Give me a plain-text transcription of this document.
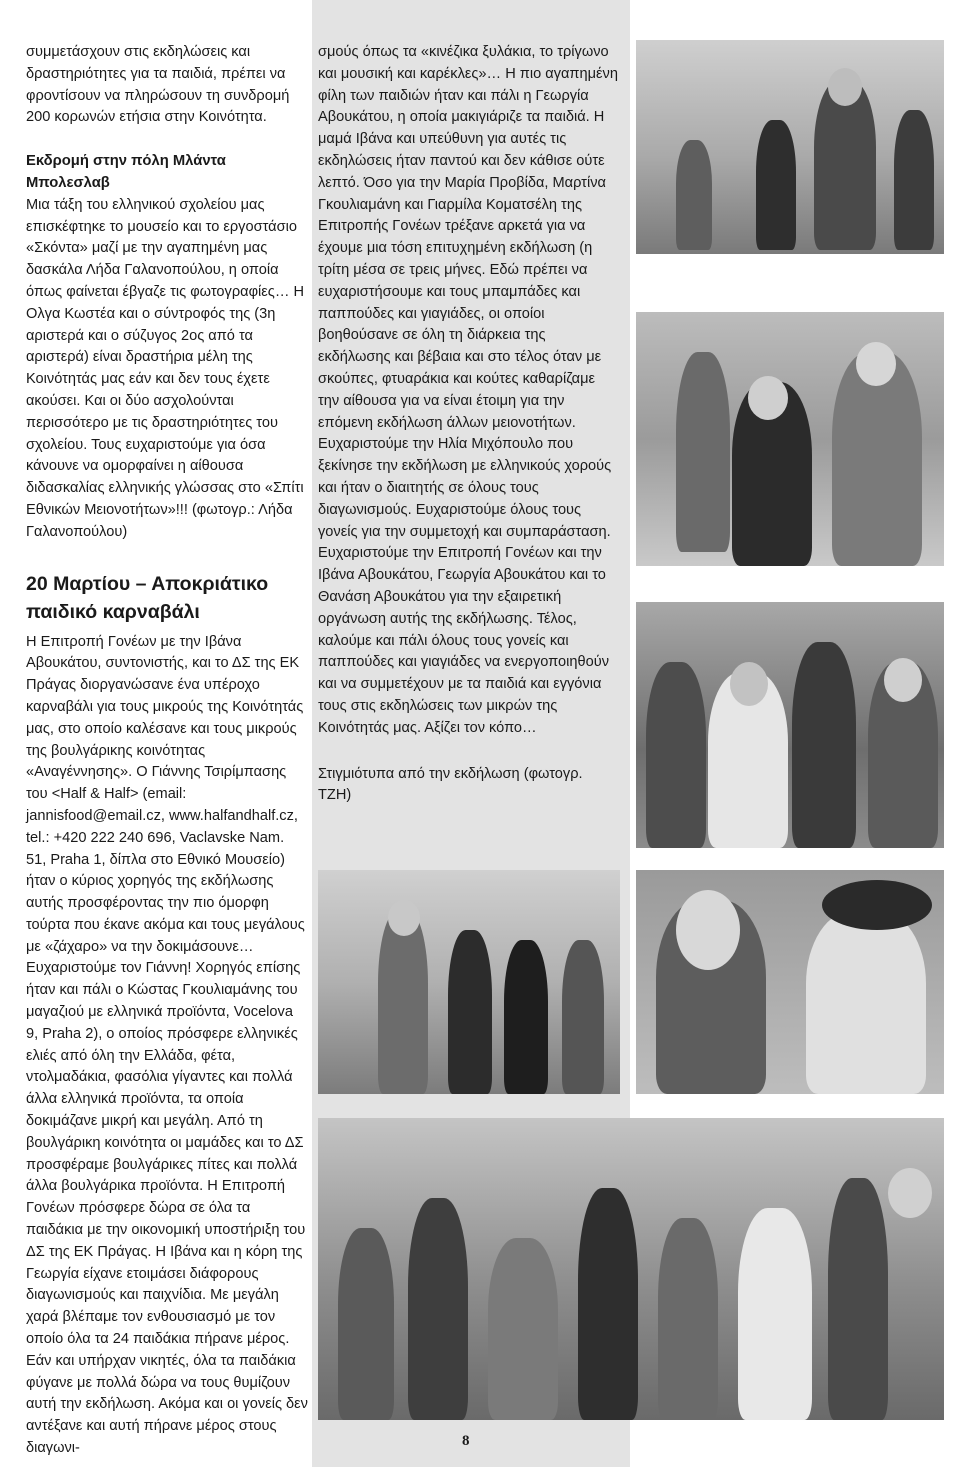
συμμετάσχουν στις εκδηλώσεις και δραστηριότητες για τα παιδιά, πρέπει να φροντίσουν να πληρώσουν τη συνδρομή 200 κορωνών ετήσια στην Κοινότητα.

Εκδρομή στην πόλη Μλάντα Μπολεσλαβ

Μια τάξη του ελληνικού σχολείου μας επισκέφτηκε το μουσείο και το εργοστάσιο «Σκόντα» μαζί με την αγαπημένη μας δασκάλα Λήδα Γαλανοπούλου, η οποία όπως φαίνεται έβγαζε τις φωτογραφίες… Η Ολγα Κωστέα και ο σύντροφός της (3η αριστερά και ο σύζυγος 2ος από τα αριστερά) είναι δραστήρια μέλη της Κοινότητάς μας εάν και δεν τους έχετε ακούσει. Και οι δύο ασχολούνται περισσότερο με τις δραστηριότητες του σχολείου. Τους ευχαριστούμε για όσα κάνουνε να ομορφαίνει η αίθουσα διδασκαλίας ελληνικής γλώσσας στο «Σπίτι Εθνικών Μειονοτήτων»!!! (φωτογρ.: Λήδα Γαλανοπούλου)

20 Μαρτίου – Αποκριάτικο παιδικό καρναβάλι

Η Επιτροπή Γονέων με την Ιβάνα Αβουκάτου, συντονιστής, και το ΔΣ της ΕΚ Πράγας διοργανώσανε ένα υπέροχο καρναβάλι για τους μικρούς της Κοινότητάς μας, στο οποίο καλέσανε και τους μικρούς της βουλγάρικης κοινότητας «Αναγέννησης». Ο Γιάννης Τσιρίμπασης του <Half & Half> (email: jannisfood@email.cz, www.halfandhalf.cz, tel.: +420 222 240 696, Vaclavske Nam. 51, Praha 1, δίπλα στο Εθνικό Μουσείο) ήταν ο κύριος χορηγός της εκδήλωσης αυτής προσφέροντας την πιο όμορφη τούρτα που έκανε ακόμα και τους μεγάλους με «ζάχαρο» να την δοκιμάσουνε… Ευχαριστούμε τον Γιάννη! Χορηγός επίσης ήταν και πάλι ο Κώστας Γκουλιαμάνης του μαγαζιού με ελληνικά προϊόντα, Vocelova 9, Praha 2), ο οποίος πρόσφερε ελληνικές ελιές από όλη την Ελλάδα, φέτα, ντολμαδάκια, φασόλια γίγαντες και πολλά άλλα ελληνικά προϊόντα, τα οποία δοκιμάζανε μικρή και μεγάλη. Από τη βουλγάρικη κοινότητα οι μαμάδες και το ΔΣ προσφέραμε βουλγάρικες πίτες και πολλά άλλα βουλγάρικα προϊόντα. Η Επιτροπή Γονέων πρόσφερε δώρα σε όλα τα παιδάκια με την οικονομική υποστήριξη του ΔΣ της ΕΚ Πράγας. Η Ιβάνα και η κόρη της Γεωργία είχανε ετοιμάσει διάφορους διαγωνισμούς και παιχνίδια. Με μεγάλη χαρά βλέπαμε τον ενθουσιασμό με τον οποίο όλα τα 24 παιδάκια πήρανε μέρος. Εάν και υπήρχαν νικητές, όλα τα παιδάκια φύγανε με πολλά δώρα να τους θυμίζουν αυτή την εκδήλωση. Ακόμα και οι γονείς δεν αντέξανε και αυτή πήρανε μέρος στους διαγωνι-

σμούς όπως τα «κινέζικα ξυλάκια, το τρίγωνο και μουσική και καρέκλες»… Η πιο αγαπημένη φίλη των παιδιών ήταν και πάλι η Γεωργία Αβουκάτου, η οποία μακιγιάριζε τα παιδιά. Η μαμά Ιβάνα και υπεύθυνη για αυτές τις εκδηλώσεις ήταν παντού και δεν κάθισε ούτε λεπτό. Όσο για την Μαρία Προβίδα, Μαρτίνα Γκουλιαμάνη και Γιαρμίλα Κοματσέλη της Επιτροπής Γονέων τρέξανε αρκετά για να έχουμε μια τόση επιτυχημένη εκδήλωση (η τρίτη μέσα σε τρεις μήνες. Εδώ πρέπει να ευχαριστήσουμε και τους μπαμπάδες και παππούδες και γιαγιάδες, οι οποίοι βοηθούσανε σε όλη τη διάρκεια της εκδήλωσης και βέβαια και στο τέλος όταν με σκούπες, φτυαράκια και κούτες καθαρίζαμε την αίθουσα για να είναι έτοιμη για την επόμενη εκδήλωση άλλων μειονοτήτων. Ευχαριστούμε την Ηλία Μιχόπουλο που ξεκίνησε την εκδήλωση με ελληνικούς χορούς και ήταν ο διαιτητής σε όλους τους διαγωνισμούς. Ευχαριστούμε όλους τους γονείς για την συμμετοχή και συμπαράσταση. Ευχαριστούμε την Επιτροπή Γονέων και την Ιβάνα Αβουκάτου, Γεωργία Αβουκάτου και το Θανάση Αβουκάτου για την εξαιρετική οργάνωση αυτής της εκδήλωσης. Τέλος, καλούμε και πάλι όλους τους γονείς και παππούδες και γιαγιάδες να ενεργοποιηθούν και να συμμετέχουν με τα παιδιά και εγγόνια τους στις εκδηλώσεις των μικρών της Κοινότητάς μας. Αξίζει τον κόπο…

Στιγμιότυπα από την εκδήλωση (φωτογρ. ΤΖΗ)

8
